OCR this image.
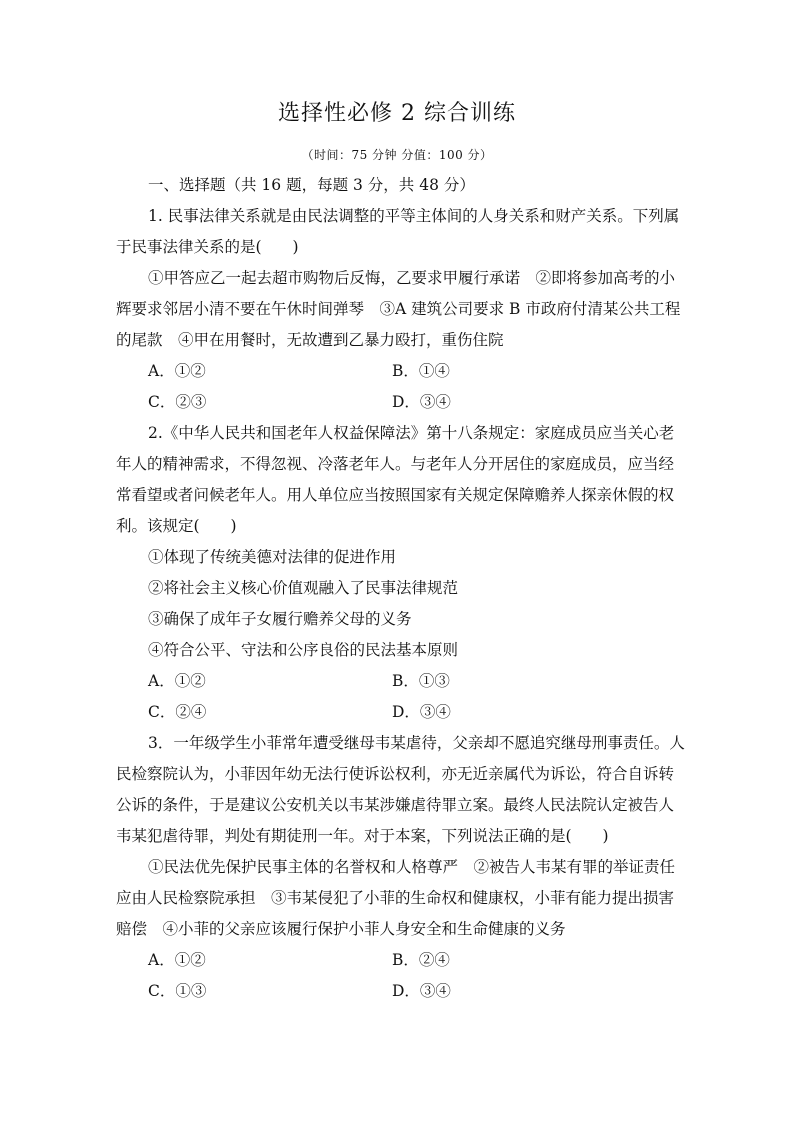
选择性必修 2 综合训练
（时间：75 分钟 分值：100 分）
一、选择题（共 16 题，每题 3 分，共 48 分）
1. 民事法律关系就是由民法调整的平等主体间的人身关系和财产关系。下列属于民事法律关系的是(　　)
①甲答应乙一起去超市购物后反悔，乙要求甲履行承诺　②即将参加高考的小辉要求邻居小清不要在午休时间弹琴　③A 建筑公司要求 B 市政府付清某公共工程的尾款　④甲在用餐时，无故遭到乙暴力殴打，重伤住院
A．①②	B．①④
C．②③	D．③④
2.《中华人民共和国老年人权益保障法》第十八条规定：家庭成员应当关心老年人的精神需求，不得忽视、冷落老年人。与老年人分开居住的家庭成员，应当经常看望或者问候老年人。用人单位应当按照国家有关规定保障赡养人探亲休假的权利。该规定(　　)
①体现了传统美德对法律的促进作用
②将社会主义核心价值观融入了民事法律规范
③确保了成年子女履行赡养父母的义务
④符合公平、守法和公序良俗的民法基本原则
A．①②	B．①③
C．②④	D．③④
3．一年级学生小菲常年遭受继母韦某虐待，父亲却不愿追究继母刑事责任。人民检察院认为，小菲因年幼无法行使诉讼权利，亦无近亲属代为诉讼，符合自诉转公诉的条件，于是建议公安机关以韦某涉嫌虐待罪立案。最终人民法院认定被告人韦某犯虐待罪，判处有期徒刑一年。对于本案，下列说法正确的是(　　)
①民法优先保护民事主体的名誉权和人格尊严　②被告人韦某有罪的举证责任应由人民检察院承担　③韦某侵犯了小菲的生命权和健康权，小菲有能力提出损害赔偿　④小菲的父亲应该履行保护小菲人身安全和生命健康的义务
A．①②	B．②④
C．①③	D．③④
